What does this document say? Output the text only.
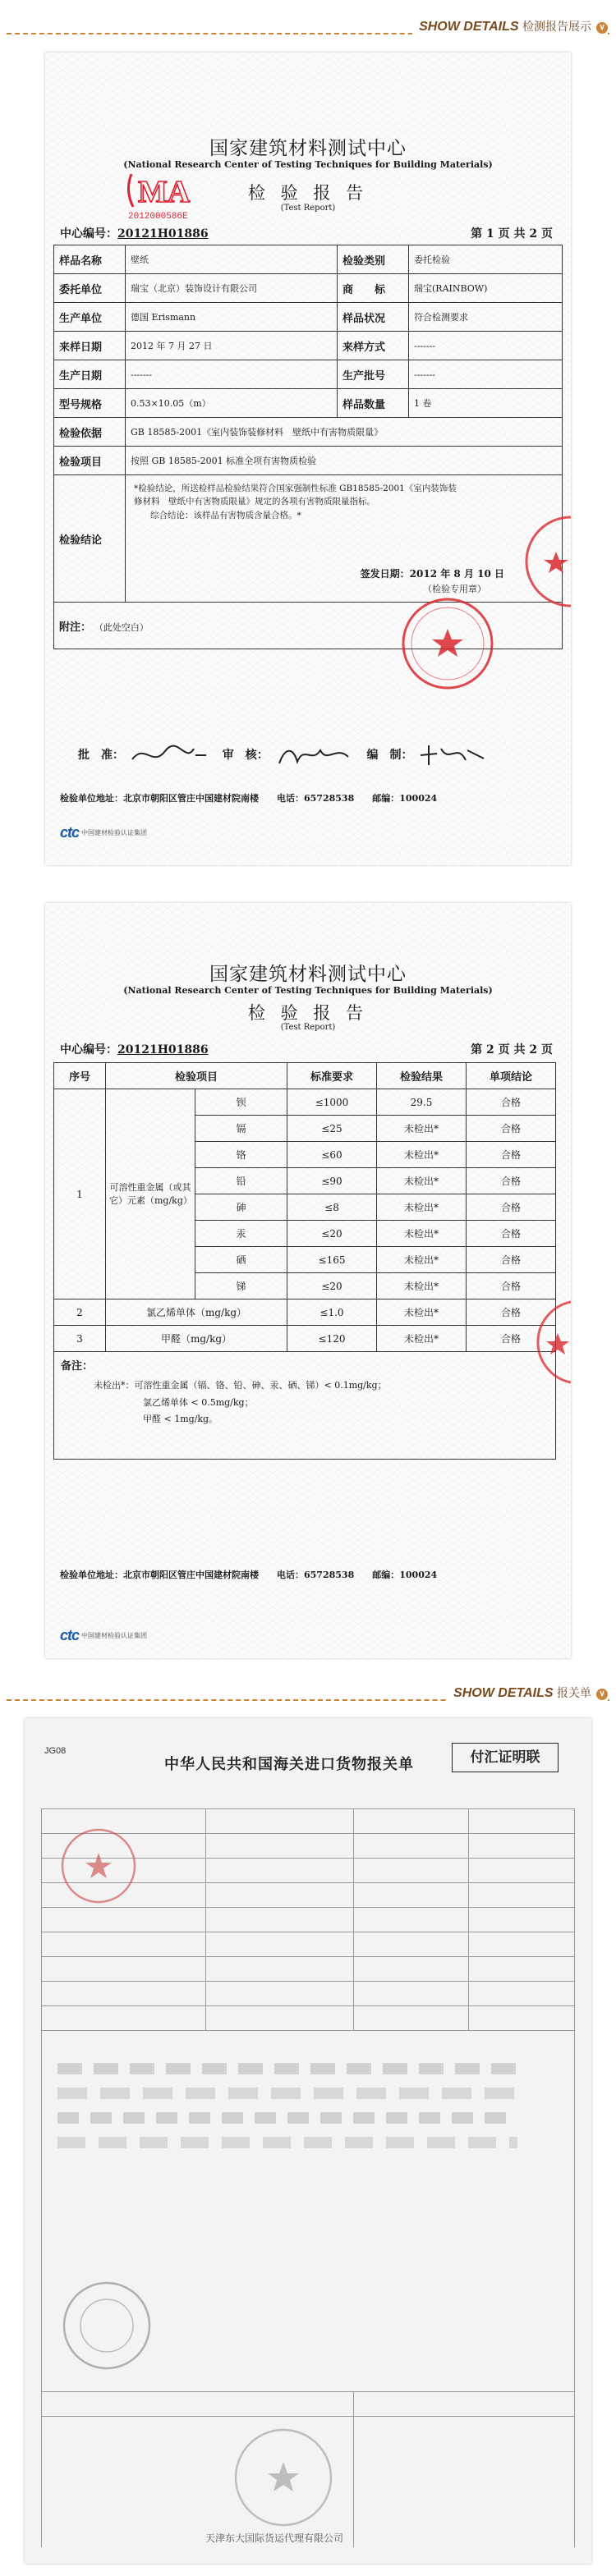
SHOW DETAILS 检测报告展示 ∨
国家建筑材料测试中心
(National Research Center of Testing Techniques for Building Materials)
MA
2012000586E
检 验 报 告
(Test Report)
中心编号：20121H01886	第 1 页 共 2 页
样品名称	壁纸	检验类别	委托检验
委托单位	瑞宝（北京）装饰设计有限公司	商　　标	瑞宝(RAINBOW)
生产单位	德国 Erismann	样品状况	符合检测要求
来样日期	2012 年 7 月 27 日	来样方式	-------
生产日期	-------	生产批号	-------
型号规格	0.53×10.05（m）	样品数量	1 卷
检验依据	GB 18585-2001《室内装饰装修材料　壁纸中有害物质限量》		
检验项目	按照 GB 18585-2001 标准全项有害物质检验		
检验结论	*检验结论，所送检样品检验结果符合国家强制性标准 GB18585-2001《室内装饰装修材料　壁纸中有害物质限量》规定的各项有害物质限量指标。
综合结论：该样品有害物质含量合格。*
签发日期：2012 年 8 月 10 日
（检验专用章）		

附注： （此处空白）			
批　准：	审　核：	编　制：
检验单位地址：北京市朝阳区管庄中国建材院南楼　　电话：65728538　　邮编：100024
ctc 中国建材检验认证集团
国家建筑材料测试中心
(National Research Center of Testing Techniques for Building Materials)
检 验 报 告
(Test Report)
中心编号：20121H01886	第 2 页 共 2 页
序号	检验项目		标准要求	检验结果	单项结论
1	可溶性重金属（或其它）元素（mg/kg）	钡	≤1000	29.5	合格
		镉	≤25	未检出*	合格
		铬	≤60	未检出*	合格
		铅	≤90	未检出*	合格
		砷	≤8	未检出*	合格
		汞	≤20	未检出*	合格
		硒	≤165	未检出*	合格
		锑	≤20	未检出*	合格
2	氯乙烯单体（mg/kg）		≤1.0	未检出*	合格
3	甲醛（mg/kg）		≤120	未检出*	合格

备注：
未检出*：可溶性重金属（镉、铬、铅、砷、汞、硒、锑）< 0.1mg/kg；
氯乙烯单体 < 0.5mg/kg；
甲醛 < 1mg/kg。					
检验单位地址：北京市朝阳区管庄中国建材院南楼　　电话：65728538　　邮编：100024
ctc 中国建材检验认证集团
SHOW DETAILS 报关单 ∨
JG08
中华人民共和国海关进口货物报关单	付汇证明联
天津东大国际货运代理有限公司
